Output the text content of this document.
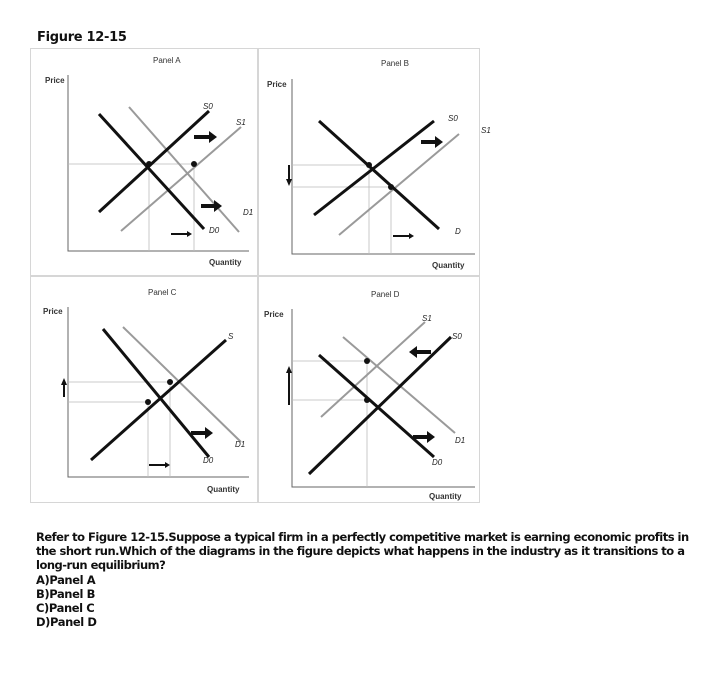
Figure 12-15
Panel A
Price
Quantity
S0
S1
D1
D0
Panel B
Price
Quantity
S0
S1
D
Panel C
Price
Quantity
S
D1
D0
Panel D
Price
Quantity
S1
S0
D1
D0
Refer to Figure 12-15.Suppose a typical firm in a perfectly competitive market is earning economic profits in the short run.Which of the diagrams in the figure depicts what happens in the industry as it transitions to a long-run equilibrium?
A)Panel A
B)Panel B
C)Panel C
D)Panel D
